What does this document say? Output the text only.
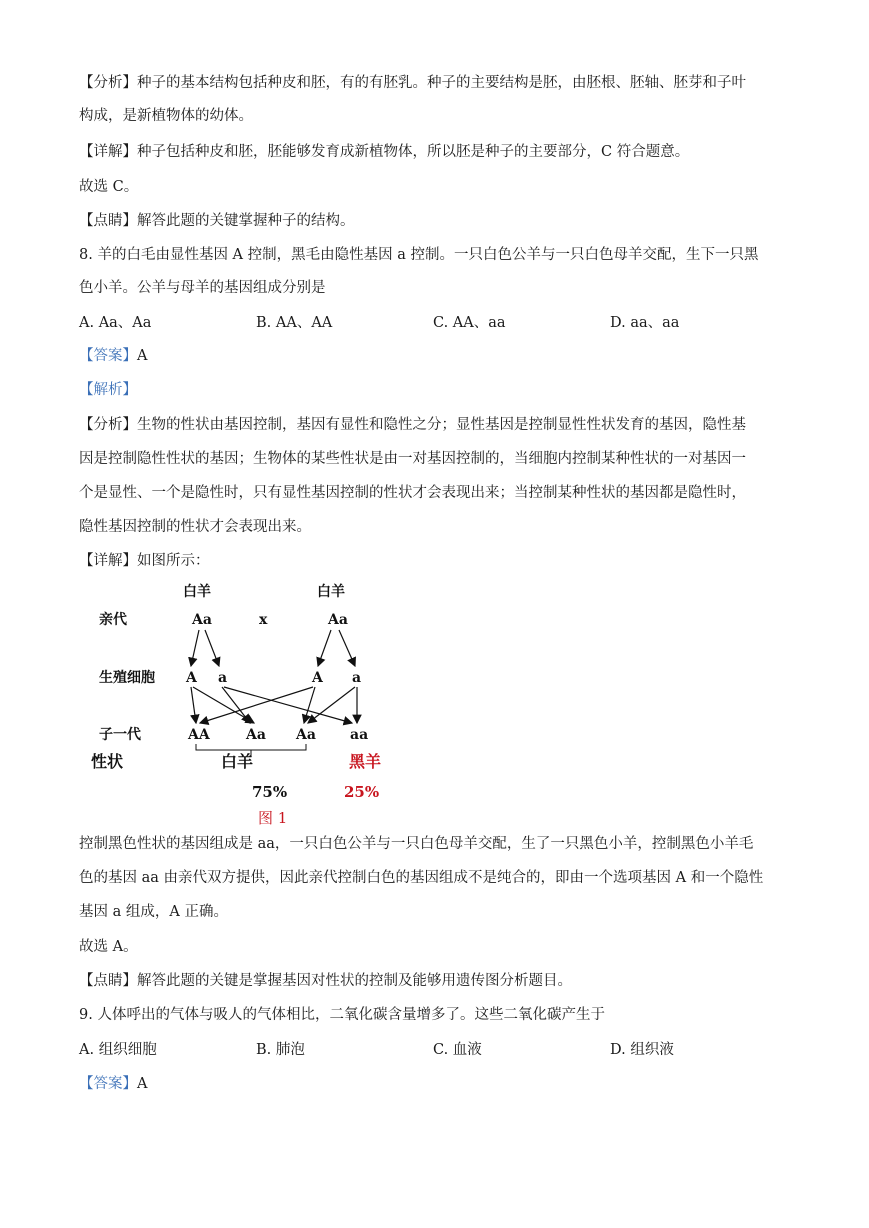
【分析】种子的基本结构包括种皮和胚，有的有胚乳。种子的主要结构是胚，由胚根、胚轴、胚芽和子叶
构成，是新植物体的幼体。
【详解】种子包括种皮和胚，胚能够发育成新植物体，所以胚是种子的主要部分，C 符合题意。
故选 C。
【点睛】解答此题的关键掌握种子的结构。
8. 羊的白毛由显性基因 A 控制，黑毛由隐性基因 a 控制。一只白色公羊与一只白色母羊交配，生下一只黑
色小羊。公羊与母羊的基因组成分别是
A. Aa、Aa	B. AA、AA	C. AA、aa	D. aa、aa
【答案】A
【解析】
【分析】生物的性状由基因控制，基因有显性和隐性之分；显性基因是控制显性性状发育的基因，隐性基
因是控制隐性性状的基因；生物体的某些性状是由一对基因控制的，当细胞内控制某种性状的一对基因一
个是显性、一个是隐性时，只有显性基因控制的性状才会表现出来；当控制某种性状的基因都是隐性时，
隐性基因控制的性状才会表现出来。
【详解】如图所示：
白羊	白羊
亲代	Aa	x	Aa
生殖细胞 A a	A a
子一代	AA	Aa Aa aa
性状	白羊	黑羊
75%	25%
图 1
控制黑色性状的基因组成是 aa，一只白色公羊与一只白色母羊交配，生了一只黑色小羊，控制黑色小羊毛
色的基因 aa 由亲代双方提供，因此亲代控制白色的基因组成不是纯合的，即由一个选项基因 A 和一个隐性
基因 a 组成，A 正确。
故选 A。
【点睛】解答此题的关键是掌握基因对性状的控制及能够用遗传图分析题目。
9. 人体呼出的气体与吸人的气体相比，二氧化碳含量增多了。这些二氧化碳产生于
A. 组织细胞	B. 肺泡	C. 血液	D. 组织液
【答案】A
